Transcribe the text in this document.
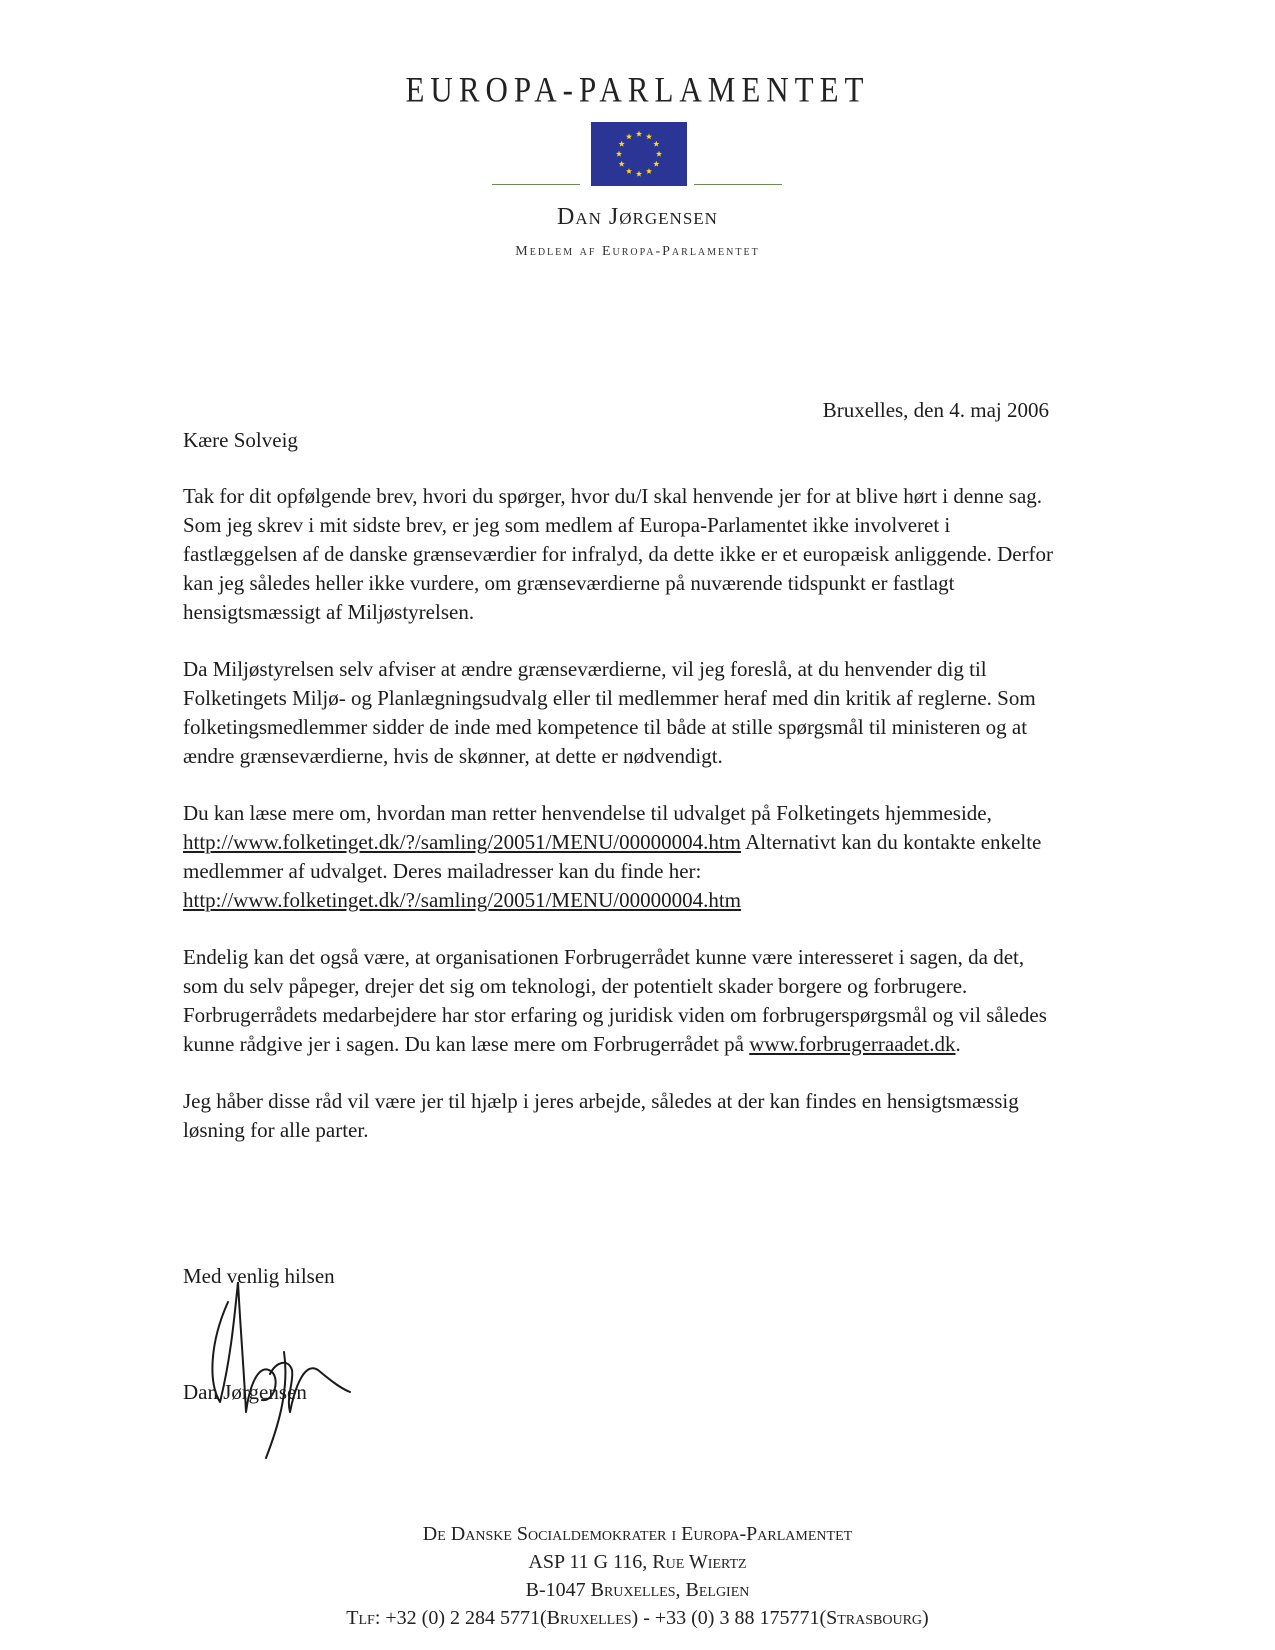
EUROPA-PARLAMENTET
Dan Jørgensen
Medlem af Europa-Parlamentet
Bruxelles, den 4. maj 2006
Kære Solveig

Tak for dit opfølgende brev, hvori du spørger, hvor du/I skal henvende jer for at blive hørt i denne sag. Som jeg skrev i mit sidste brev, er jeg som medlem af Europa-Parlamentet ikke involveret i fastlæggelsen af de danske grænseværdier for infralyd, da dette ikke er et europæisk anliggende. Derfor kan jeg således heller ikke vurdere, om grænseværdierne på nuværende tidspunkt er fastlagt hensigtsmæssigt af Miljøstyrelsen.

Da Miljøstyrelsen selv afviser at ændre grænseværdierne, vil jeg foreslå, at du henvender dig til Folketingets Miljø- og Planlægningsudvalg eller til medlemmer heraf med din kritik af reglerne. Som folketingsmedlemmer sidder de inde med kompetence til både at stille spørgsmål til ministeren og at ændre grænseværdierne, hvis de skønner, at dette er nødvendigt.

Du kan læse mere om, hvordan man retter henvendelse til udvalget på Folketingets hjemmeside, http://www.folketinget.dk/?/samling/20051/MENU/00000004.htm Alternativt kan du kontakte enkelte medlemmer af udvalget. Deres mailadresser kan du finde her: http://www.folketinget.dk/?/samling/20051/MENU/00000004.htm

Endelig kan det også være, at organisationen Forbrugerrådet kunne være interesseret i sagen, da det, som du selv påpeger, drejer det sig om teknologi, der potentielt skader borgere og forbrugere. Forbrugerrådets medarbejdere har stor erfaring og juridisk viden om forbrugerspørgsmål og vil således kunne rådgive jer i sagen. Du kan læse mere om Forbrugerrådet på www.forbrugerraadet.dk.

Jeg håber disse råd vil være jer til hjælp i jeres arbejde, således at der kan findes en hensigtsmæssig løsning for alle parter.

Med venlig hilsen
Dan Jørgensen
De Danske Socialdemokrater i Europa-Parlamentet
ASP 11 G 116, Rue Wiertz
B-1047 Bruxelles, Belgien
Tlf: +32 (0) 2 284 5771(Bruxelles) - +33 (0) 3 88 175771(Strasbourg)
